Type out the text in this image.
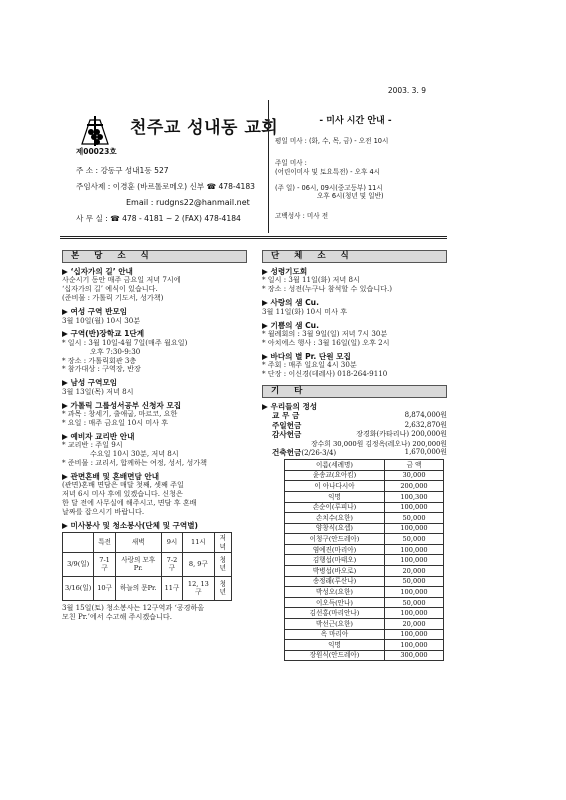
2003. 3. 9
천주교 성내동 교회
제00023호
주 소 : 강동구 성내1동 527
주임사제 : 이경훈 (바르톨로메오) 신부 ☎ 478-4183
Email : rudgns22@hanmail.net
사 무 실 : ☎ 478 - 4181 ~ 2 (FAX) 478-4184
- 미사 시간 안내 -
평일 미사 : (화, 수, 목, 금) - 오전 10시
주일 미사 :
(어린이미사 및 토요특전) - 오후 4시
(주 일) - 06시, 09시(중고등부) 11시
오후 6시(청년 및 일반)
고백성사 : 미사 전
본 당 소 식
▶ ‘십자가의 길’ 안내
사순시기 동안 매주 금요일 저녁 7시에
‘십자가의 길’ 예식이 있습니다.
(준비물 : 가톨릭 기도서, 성가책)
▶ 여성 구역 반모임
3월 10일(월) 10시 30분
▶ 구역(반)장학교 1단계
* 일시 : 3월 10일-4월 7일(매주 월요일)
오후 7:30-9:30
* 장소 : 가톨릭회관 3층
* 참가대상 : 구역장, 반장
▶ 남성 구역모임
3월 13일(목) 저녁 8시
▶ 가톨릭 그룹성서공부 신청자 모집
* 과목 : 창세기, 출애굽, 마르코, 요한
* 요일 : 매주 금요일 10시 미사 후
▶ 예비자 교리반 안내
* 교리반 : 주일 9시
수요일 10시 30분, 저녁 8시
* 준비물 : 교리서, 합께하는 여정, 성서, 성가책
▶ 관면혼배 및 혼배면담 안내
(관면)혼배 면담은 매달 첫째, 셋째 주일
저녁 6시 미사 후에 있겠습니다. 신청은
한 달 전에 사무실에 해주시고, 면담 후 혼배
날짜를 잡으시기 바랍니다.
▶ 미사봉사 및 청소봉사(단체 및 구역별)
	특전	새벽	9시	11시	저녁
3/9(일)	7-1구	사랑의 모후Pr.	7-2구	8, 9구	청년
3/16(일)	10구	하늘의 문Pr.	11구	12, 13구	청년
3월 15일(토) 청소봉사는 12구역과 ‘공경하올
모친 Pr.’에서 수고해 주시겠습니다.
단 체 소 식
▶ 성령기도회
* 일시 : 3월 11일(화) 저녁 8시
* 장소 : 성전(누구나 참석할 수 있습니다.)
▶ 사랑의 샘 Cu.
3월 11일(화) 10시 미사 후
▶ 기쁨의 샘 Cu.
* 월례회의 : 3월 9일(일) 저녁 7시 30분
* 아치에스 행사 : 3월 16일(일) 오후 2시
▶ 바다의 별 Pr. 단원 모집
* 주회 : 매주 일요일 4시 30분
* 단장 : 이신경(데레사) 018-264-9110
기 타
▶ 우리들의 정성
교 무 금	8,874,000원
주일헌금	2,632,870원
감사헌금	장경화(카타리나) 200,000원
장수희 30,000원 김정옥(레오나) 200,000원
건축헌금(2/26-3/4)	1,670,000원
이름(세례명)	금 액
윤송교(요아킴)	30,000
이 아나다시아	200,000
익명	100,300
손순이(루피나)	100,000
손치수(요한)	50,000
양창식(요셉)	100,000
이청구(안드레아)	50,000
염예진(마리아)	100,000
김행섭(마태오)	100,000
박병섭(바오로)	20,000
송정래(루산나)	50,000
박성오(요한)	100,000
이오득(안나)	50,000
김선홍(마리안나)	100,000
박선근(요한)	20,000
옥 마리아	100,000
익명	100,000
장원식(안드레아)	300,000
